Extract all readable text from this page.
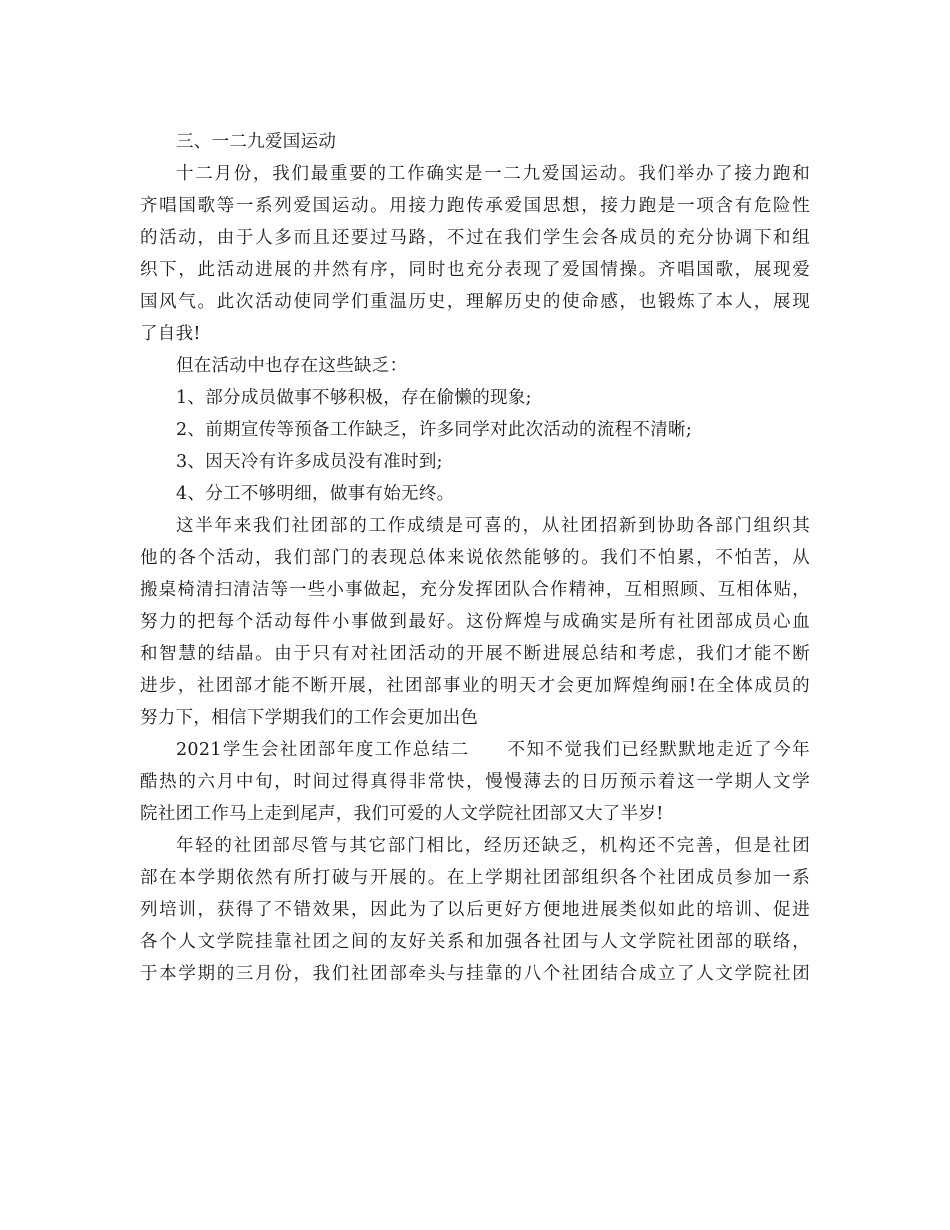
三、一二九爱国运动
十二月份，我们最重要的工作确实是一二九爱国运动。我们举办了接力跑和
齐唱国歌等一系列爱国运动。用接力跑传承爱国思想，接力跑是一项含有危险性
的活动，由于人多而且还要过马路，不过在我们学生会各成员的充分协调下和组
织下，此活动进展的井然有序，同时也充分表现了爱国情操。齐唱国歌，展现爱
国风气。此次活动使同学们重温历史，理解历史的使命感，也锻炼了本人，展现
了自我!
但在活动中也存在这些缺乏：
1、部分成员做事不够积极，存在偷懒的现象;
2、前期宣传等预备工作缺乏，许多同学对此次活动的流程不清晰;
3、因天冷有许多成员没有准时到;
4、分工不够明细，做事有始无终。
这半年来我们社团部的工作成绩是可喜的，从社团招新到协助各部门组织其
他的各个活动，我们部门的表现总体来说依然能够的。我们不怕累，不怕苦，从
搬桌椅清扫清洁等一些小事做起，充分发挥团队合作精神，互相照顾、互相体贴，
努力的把每个活动每件小事做到最好。这份辉煌与成确实是所有社团部成员心血
和智慧的结晶。由于只有对社团活动的开展不断进展总结和考虑，我们才能不断
进步，社团部才能不断开展，社团部事业的明天才会更加辉煌绚丽!在全体成员的
努力下，相信下学期我们的工作会更加出色
2021学生会社团部年度工作总结二　　不知不觉我们已经默默地走近了今年
酷热的六月中旬，时间过得真得非常快，慢慢薄去的日历预示着这一学期人文学
院社团工作马上走到尾声，我们可爱的人文学院社团部又大了半岁!
年轻的社团部尽管与其它部门相比，经历还缺乏，机构还不完善，但是社团
部在本学期依然有所打破与开展的。在上学期社团部组织各个社团成员参加一系
列培训，获得了不错效果，因此为了以后更好方便地进展类似如此的培训、促进
各个人文学院挂靠社团之间的友好关系和加强各社团与人文学院社团部的联络，
于本学期的三月份，我们社团部牵头与挂靠的八个社团结合成立了人文学院社团
